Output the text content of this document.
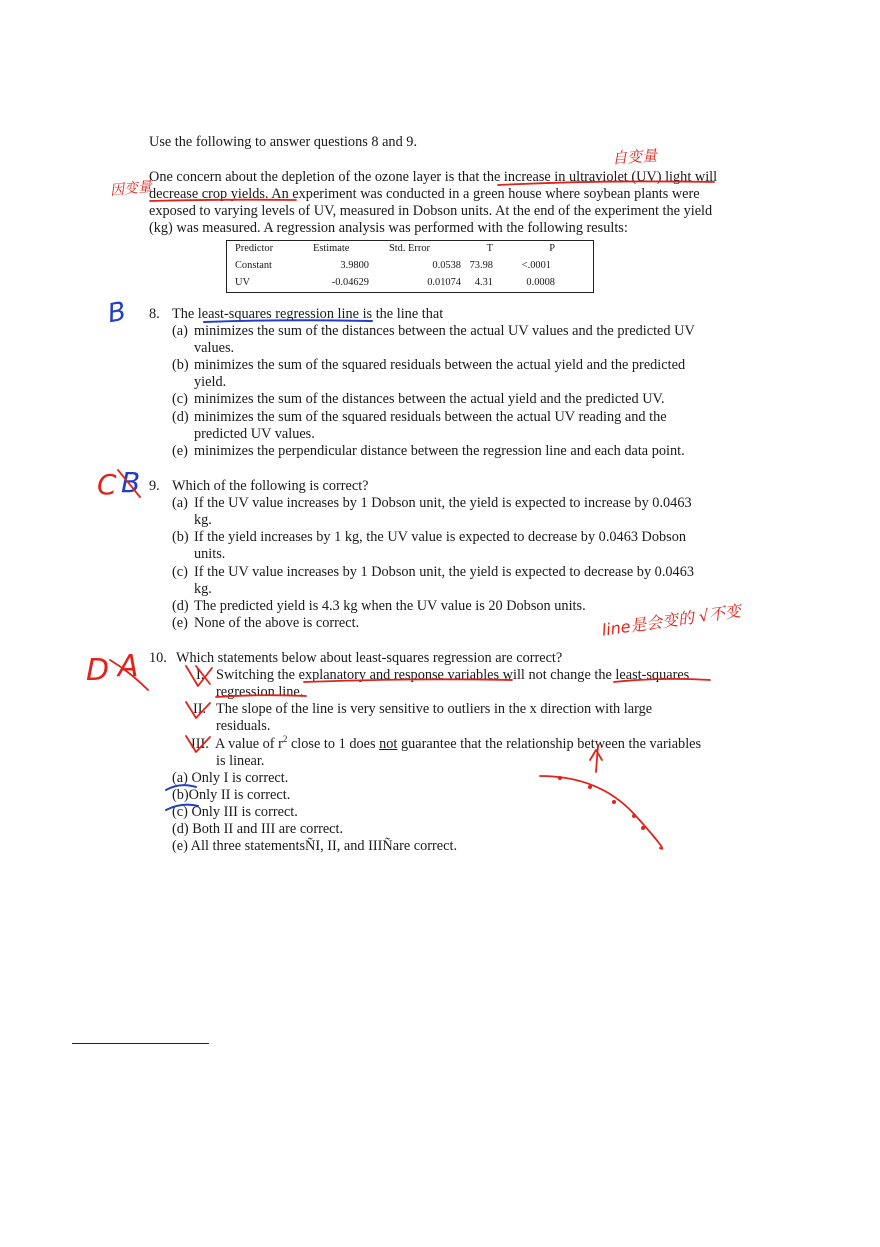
Use the following to answer questions 8 and 9.

One concern about the depletion of the ozone layer is that the increase in ultraviolet (UV) light will decrease crop yields. An experiment was conducted in a green house where soybean plants were exposed to varying levels of UV, measured in Dobson units. At the end of the experiment the yield (kg) was measured. A regression analysis was performed with the following results:

Predictor	Estimate	Std. Error	T	P
Constant	3.9800	0.0538	73.98	<.0001
UV	-0.04629	0.01074	4.31	0.0008
8. The least-squares regression line is the line that
(a) minimizes the sum of the distances between the actual UV values and the predicted UV
values.
(b) minimizes the sum of the squared residuals between the actual yield and the predicted
yield.
(c) minimizes the sum of the distances between the actual yield and the predicted UV.
(d) minimizes the sum of the squared residuals between the actual UV reading and the
predicted UV values.
(e) minimizes the perpendicular distance between the regression line and each data point.
9. Which of the following is correct?
(a) If the UV value increases by 1 Dobson unit, the yield is expected to increase by 0.0463
kg.
(b) If the yield increases by 1 kg, the UV value is expected to decrease by 0.0463 Dobson
units.
(c) If the UV value increases by 1 Dobson unit, the yield is expected to decrease by 0.0463
kg.
(d) The predicted yield is 4.3 kg when the UV value is 20 Dobson units.
(e) None of the above is correct.
10. Which statements below about least-squares regression are correct?
I. Switching the explanatory and response variables will not change the least-squares
regression line.
II. The slope of the line is very sensitive to outliers in the x direction with large
residuals.
III. A value of $r^2$ close to 1 does not guarantee that the relationship between the variables
is linear.
(a) Only I is correct.
(b)Only II is correct.
(c) Only III is correct.
(d) Both II and III are correct.
(e) All three statementsÑI, II, and IIIÑare correct.
自变量
因变量
line是会变的 √不变
B
C B
D A
